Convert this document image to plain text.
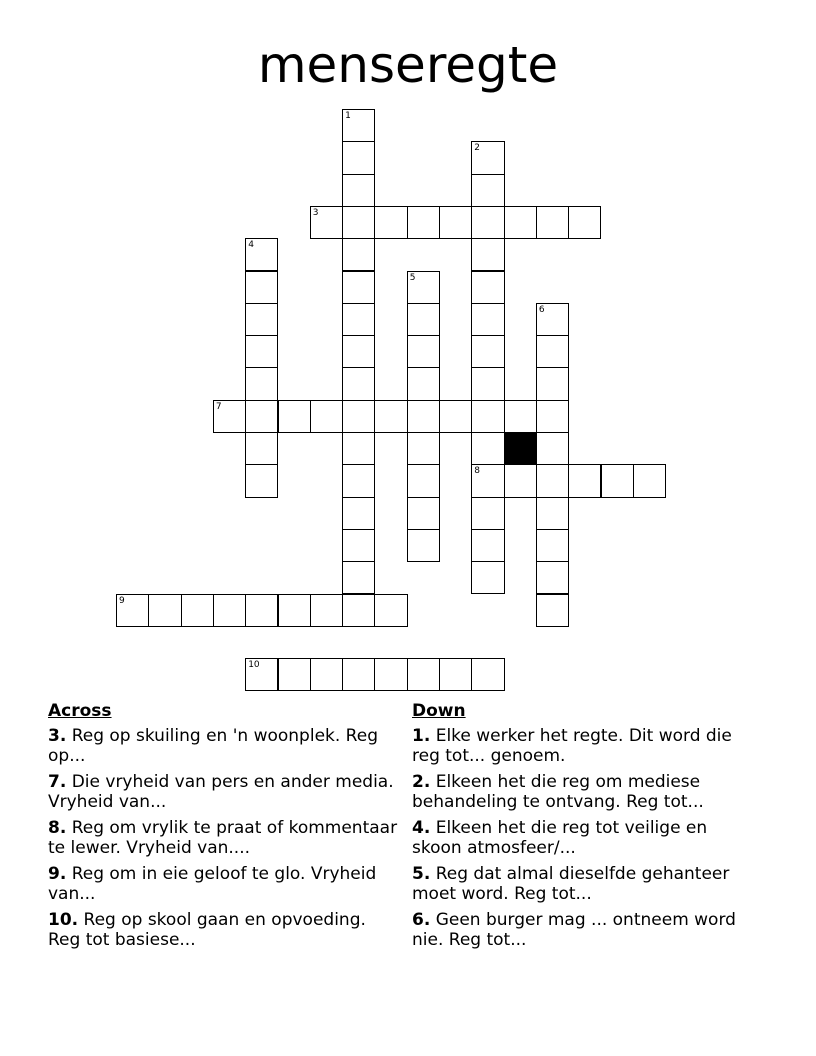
menseregte
1
2
3
4
5
6
7
8
9
10
Across
3. Reg op skuiling en 'n woonplek. Reg op...
7. Die vryheid van pers en ander media. Vryheid van...
8. Reg om vrylik te praat of kommentaar te lewer. Vryheid van....
9. Reg om in eie geloof te glo. Vryheid van...
10. Reg op skool gaan en opvoeding. Reg tot basiese...
Down
1. Elke werker het regte. Dit word die reg tot... genoem.
2. Elkeen het die reg om mediese behandeling te ontvang. Reg tot...
4. Elkeen het die reg tot veilige en skoon atmosfeer/...
5. Reg dat almal dieselfde gehanteer moet word. Reg tot...
6. Geen burger mag ... ontneem word nie. Reg tot...
